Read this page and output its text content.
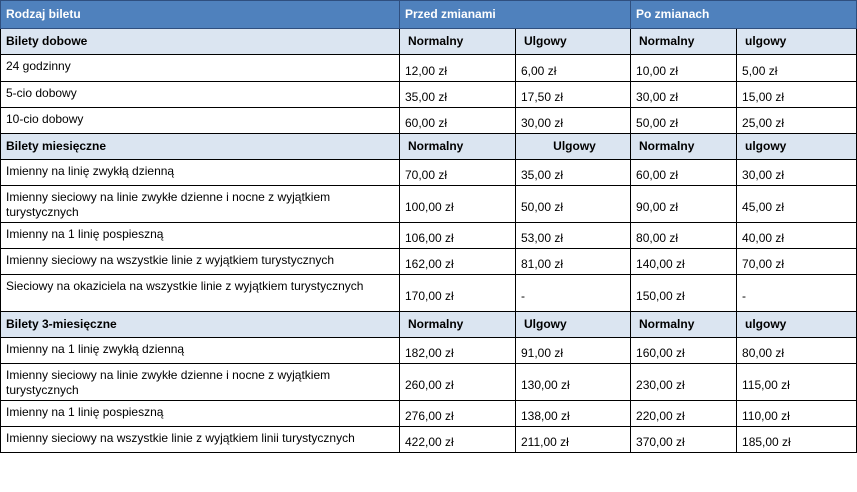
Rodzaj biletu	Przed zmianami		Po zmianach	
Bilety dobowe	Normalny	Ulgowy	Normalny	ulgowy
24 godzinny	12,00 zł	6,00 zł	10,00 zł	5,00 zł
5-cio dobowy	35,00 zł	17,50 zł	30,00 zł	15,00 zł
10-cio dobowy	60,00 zł	30,00 zł	50,00 zł	25,00 zł
Bilety miesięczne	Normalny	Ulgowy	Normalny	ulgowy
Imienny na linię zwykłą dzienną	70,00 zł	35,00 zł	60,00 zł	30,00 zł
Imienny sieciowy na linie zwykłe dzienne i nocne z wyjątkiem turystycznych	100,00 zł	50,00 zł	90,00 zł	45,00 zł
Imienny na 1 linię pospieszną	106,00 zł	53,00 zł	80,00 zł	40,00 zł
Imienny sieciowy na wszystkie linie z wyjątkiem turystycznych	162,00 zł	81,00 zł	140,00 zł	70,00 zł
Sieciowy na okaziciela na wszystkie linie z wyjątkiem turystycznych	170,00 zł	-	150,00 zł	-
Bilety 3-miesięczne	Normalny	Ulgowy	Normalny	ulgowy
Imienny na 1 linię zwykłą dzienną	182,00 zł	91,00 zł	160,00 zł	80,00 zł
Imienny sieciowy na linie zwykłe dzienne i nocne z wyjątkiem turystycznych	260,00 zł	130,00 zł	230,00 zł	115,00 zł
Imienny na 1 linię pospieszną	276,00 zł	138,00 zł	220,00 zł	110,00 zł
Imienny sieciowy na wszystkie linie z wyjątkiem linii turystycznych	422,00 zł	211,00 zł	370,00 zł	185,00 zł
